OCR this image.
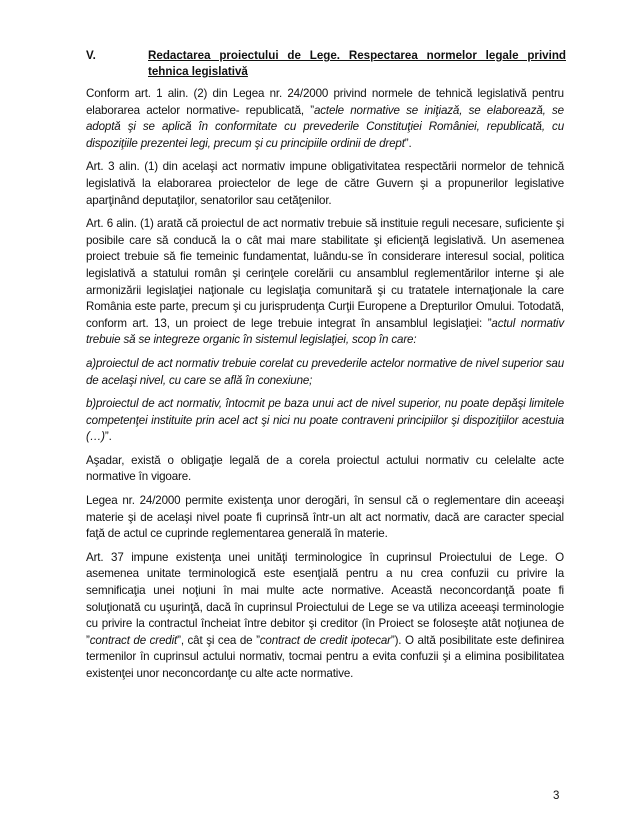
V.	Redactarea proiectului de Lege. Respectarea normelor legale privind tehnica legislativă

Conform art. 1 alin. (2) din Legea nr. 24/2000 privind normele de tehnică legislativă pentru elaborarea actelor normative- republicată, ”actele normative se iniţiază, se elaborează, se adoptă şi se aplică în conformitate cu prevederile Constituţiei României, republicată, cu dispoziţiile prezentei legi, precum şi cu principiile ordinii de drept”.

Art. 3 alin. (1) din acelaşi act normativ impune obligativitatea respectării normelor de tehnică legislativă la elaborarea proiectelor de lege de către Guvern şi a propunerilor legislative aparţinând deputaţilor, senatorilor sau cetăţenilor.

Art. 6 alin. (1) arată că proiectul de act normativ trebuie să instituie reguli necesare, suficiente şi posibile care să conducă la o cât mai mare stabilitate şi eficienţă legislativă. Un asemenea proiect trebuie să fie temeinic fundamentat, luându-se în considerare interesul social, politica legislativă a statului român şi cerinţele corelării cu ansamblul reglementărilor interne şi ale armonizării legislaţiei naţionale cu legislaţia comunitară şi cu tratatele internaţionale la care România este parte, precum şi cu jurisprudenţa Curţii Europene a Drepturilor Omului. Totodată, conform art. 13, un proiect de lege trebuie integrat în ansamblul legislaţiei: ”actul normativ trebuie să se integreze organic în sistemul legislaţiei, scop în care:

a)proiectul de act normativ trebuie corelat cu prevederile actelor normative de nivel superior sau de acelaşi nivel, cu care se află în conexiune;

b)proiectul de act normativ, întocmit pe baza unui act de nivel superior, nu poate depăşi limitele competenţei instituite prin acel act şi nici nu poate contraveni principiilor şi dispoziţiilor acestuia (…)”.

Aşadar, există o obligaţie legală de a corela proiectul actului normativ cu celelalte acte normative în vigoare.

Legea nr. 24/2000 permite existenţa unor derogări, în sensul că o reglementare din aceeaşi materie şi de acelaşi nivel poate fi cuprinsă într-un alt act normativ, dacă are caracter special faţă de actul ce cuprinde reglementarea generală în materie.

Art. 37 impune existenţa unei unităţi terminologice în cuprinsul Proiectului de Lege. O asemenea unitate terminologică este esenţială pentru a nu crea confuzii cu privire la semnificaţia unei noţiuni în mai multe acte normative. Această neconcordanţă poate fi soluţionată cu uşurinţă, dacă în cuprinsul Proiectului de Lege se va utiliza aceeaşi terminologie cu privire la contractul încheiat între debitor şi creditor (în Proiect se foloseşte atât noţiunea de ”contract de credit”, cât şi cea de ”contract de credit ipotecar”). O altă posibilitate este definirea termenilor în cuprinsul actului normativ, tocmai pentru a evita confuzii şi a elimina posibilitatea existenţei unor neconcordanţe cu alte acte normative.

3
